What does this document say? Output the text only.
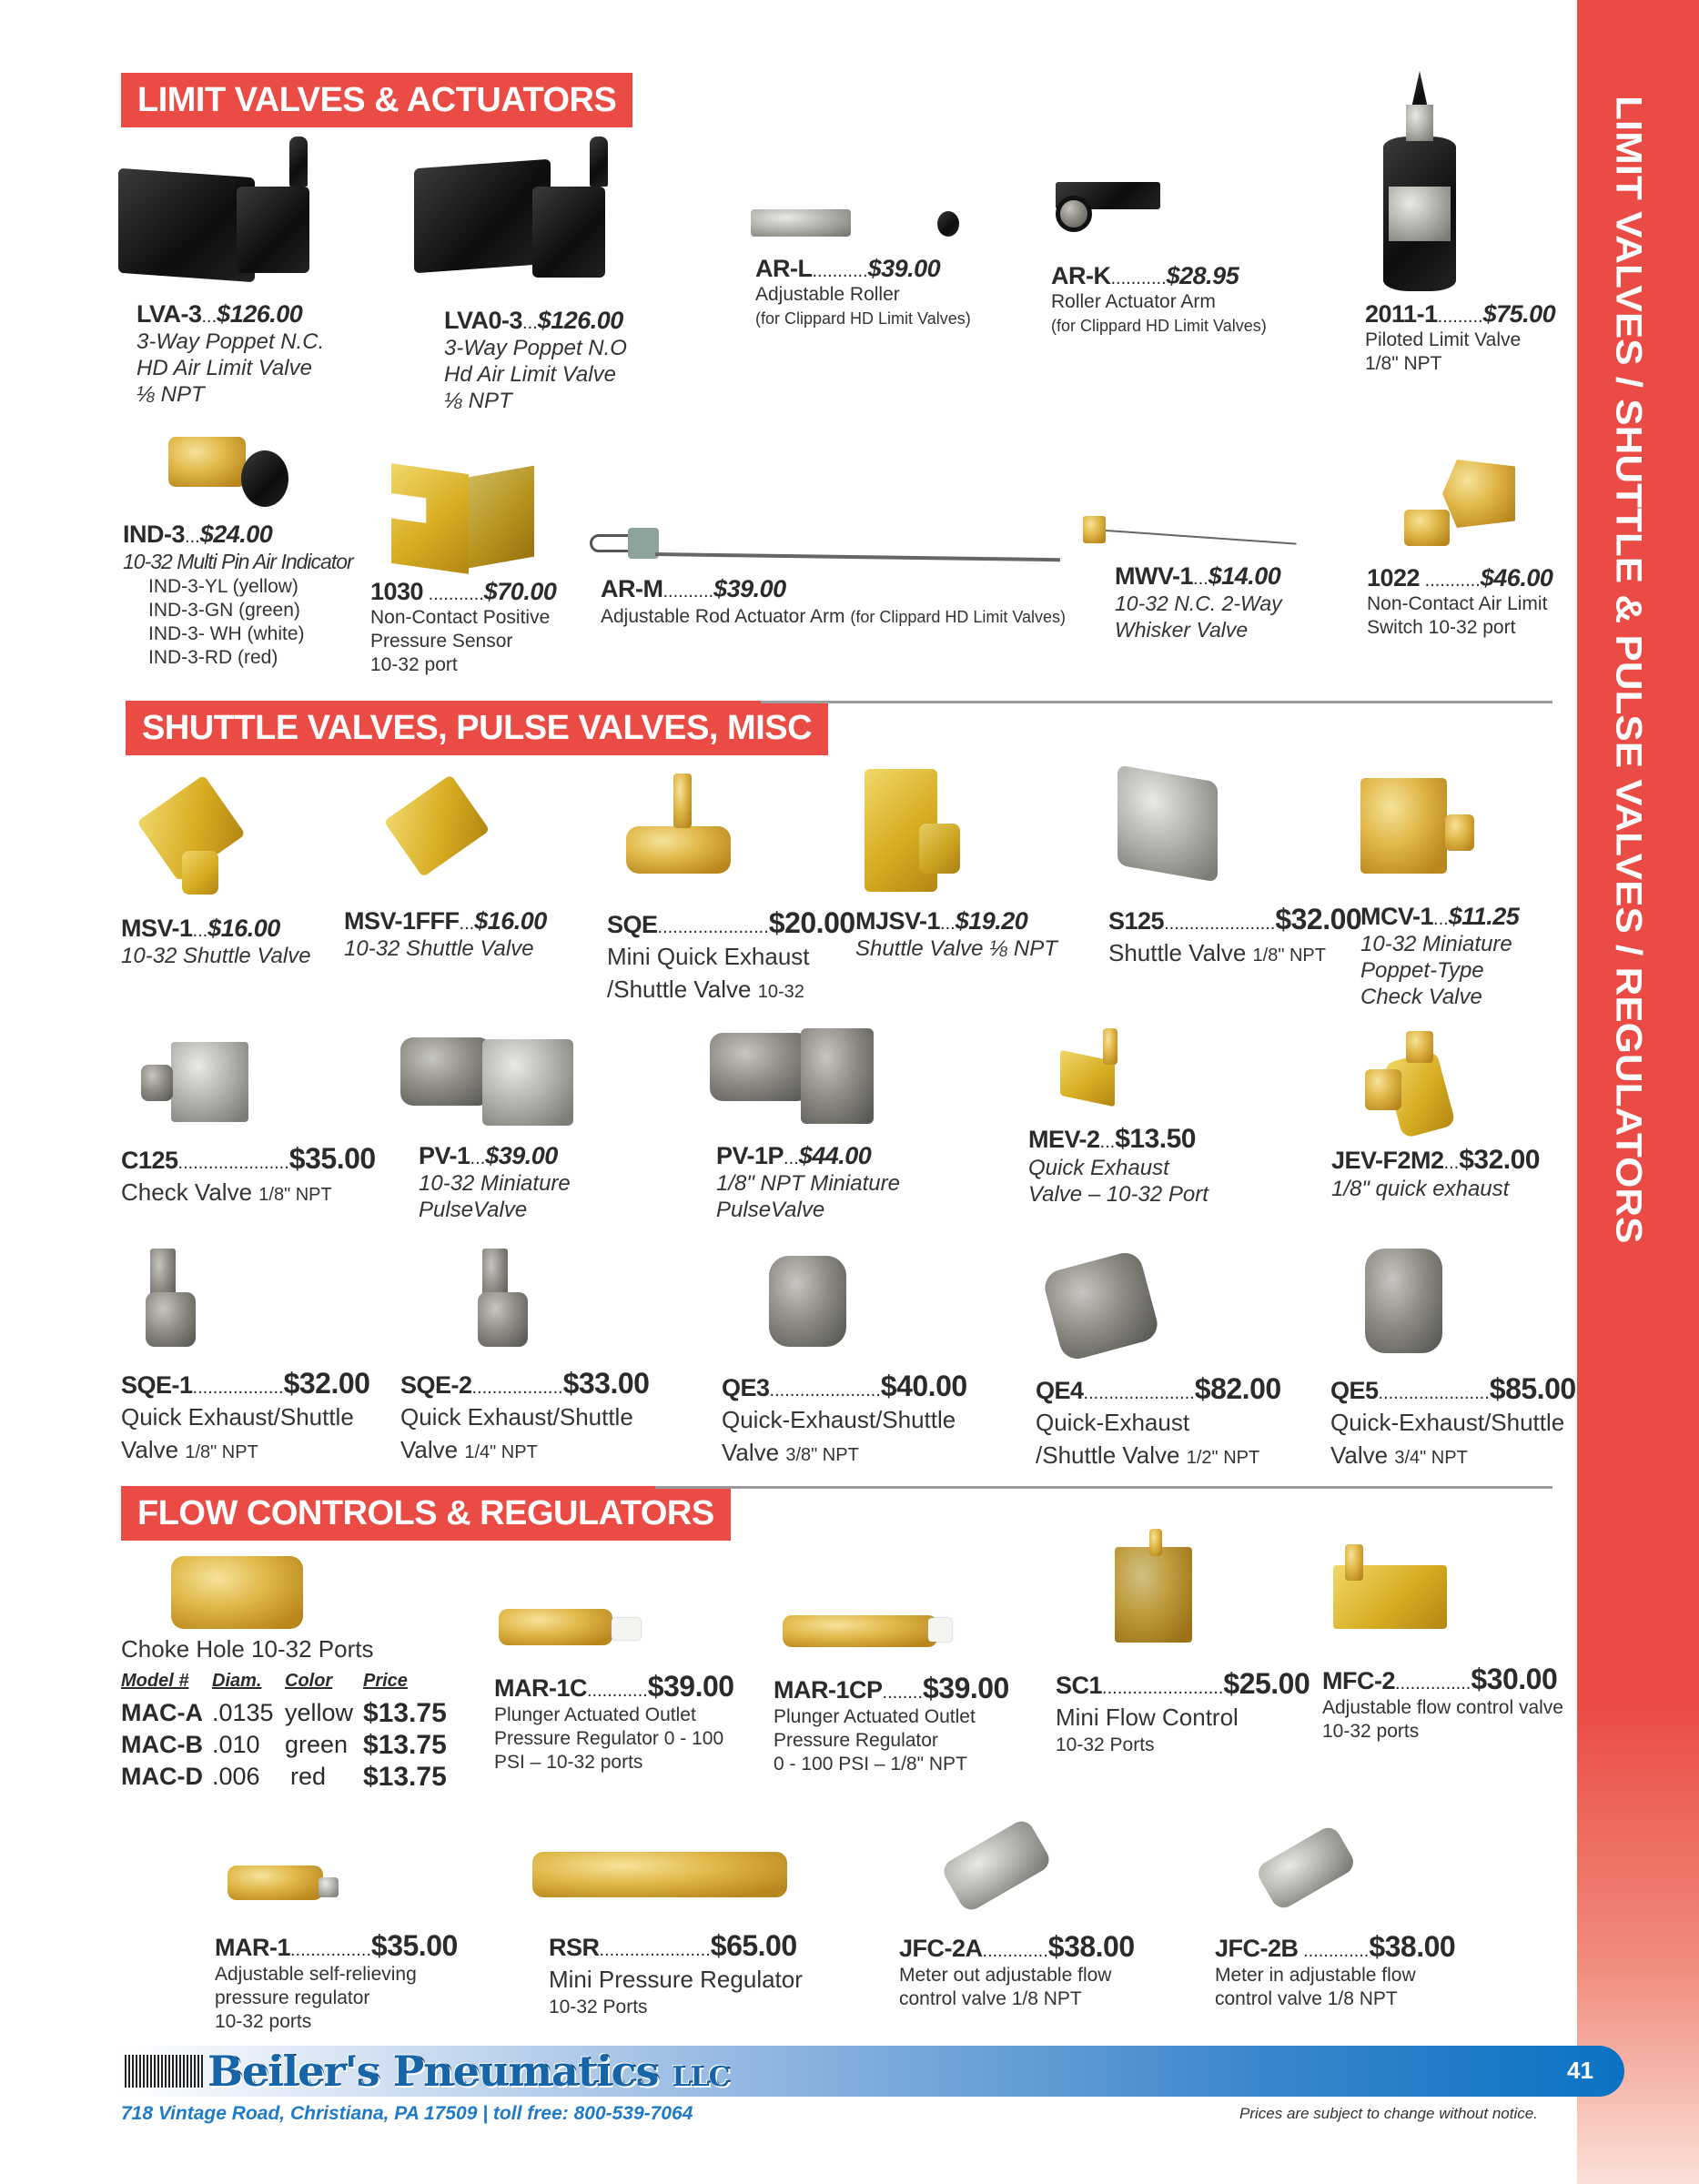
LIMIT VALVES / SHUTTLE & PULSE VALVES / REGULATORS
LIMIT VALVES & ACTUATORS
SHUTTLE VALVES, PULSE VALVES, MISC
FLOW CONTROLS & REGULATORS
LVA-3...$126.00
3-Way Poppet N.C.
HD Air Limit Valve
⅛ NPT
LVA0-3...$126.00
3-Way Poppet N.O
Hd Air Limit Valve
⅛ NPT
AR-L...........$39.00
Adjustable Roller
(for Clippard HD Limit Valves)
AR-K...........$28.95
Roller Actuator Arm
(for Clippard HD Limit Valves)	2011-1.........$75.00
Piloted Limit Valve
1/8" NPT
IND-3...$24.00
10-32 Multi Pin Air Indicator
IND-3-YL (yellow)
IND-3-GN (green)
IND-3- WH (white)
IND-3-RD (red)
1030 ...........$70.00
Non-Contact Positive
Pressure Sensor
10-32 port
AR-M..........$39.00
Adjustable Rod Actuator Arm (for Clippard HD Limit Valves)
MWV-1...$14.00
10-32 N.C. 2-Way
Whisker Valve
1022 ...........$46.00
Non-Contact Air Limit
Switch 10-32 port
MSV-1...$16.00
10-32 Shuttle Valve
MSV-1FFF...$16.00
10-32 Shuttle Valve
SQE......................$20.00
Mini Quick Exhaust
/Shuttle Valve 10-32
MJSV-1...$19.20
Shuttle Valve ⅛ NPT
S125......................$32.00
Shuttle Valve 1/8" NPT
MCV-1...$11.25
10-32 Miniature
Poppet-Type
Check Valve
C125......................$35.00
Check Valve 1/8" NPT
PV-1...$39.00
10-32 Miniature
PulseValve
PV-1P...$44.00
1/8" NPT Miniature
PulseValve
MEV-2...$13.50
Quick Exhaust
Valve – 10-32 Port
JEV-F2M2...$32.00
1/8" quick exhaust
SQE-1..................$32.00
Quick Exhaust/Shuttle
Valve 1/8" NPT
SQE-2..................$33.00
Quick Exhaust/Shuttle
Valve 1/4" NPT
QE3......................$40.00
Quick-Exhaust/Shuttle
Valve 3/8" NPT
QE4......................$82.00
Quick-Exhaust
/Shuttle Valve 1/2" NPT
QE5......................$85.00
Quick-Exhaust/Shuttle
Valve 3/4" NPT
Choke Hole 10-32 Ports
Model #	Diam.	Color	Price
MAC-A .0135 yellow $13.75
MAC-B .010	green $13.75
MAC-D .006	red	$13.75
MAR-1C............$39.00
Plunger Actuated Outlet
Pressure Regulator 0 - 100
PSI – 10-32 ports
MAR-1CP........$39.00
Plunger Actuated Outlet
Pressure Regulator
0 - 100 PSI – 1/8" NPT
SC1........................$25.00
Mini Flow Control
10-32 Ports
MFC-2...............$30.00
Adjustable flow control valve
10-32 ports
MAR-1................$35.00
Adjustable self-relieving
pressure regulator
10-32 ports
RSR......................$65.00
Mini Pressure Regulator
10-32 Ports
JFC-2A.............$38.00
Meter out adjustable flow
control valve 1/8 NPT
JFC-2B .............$38.00
Meter in adjustable flow
control valve 1/8 NPT
Beiler's Pneumatics LLC	41
718 Vintage Road, Christiana, PA 17509 | toll free: 800-539-7064	Prices are subject to change without notice.
